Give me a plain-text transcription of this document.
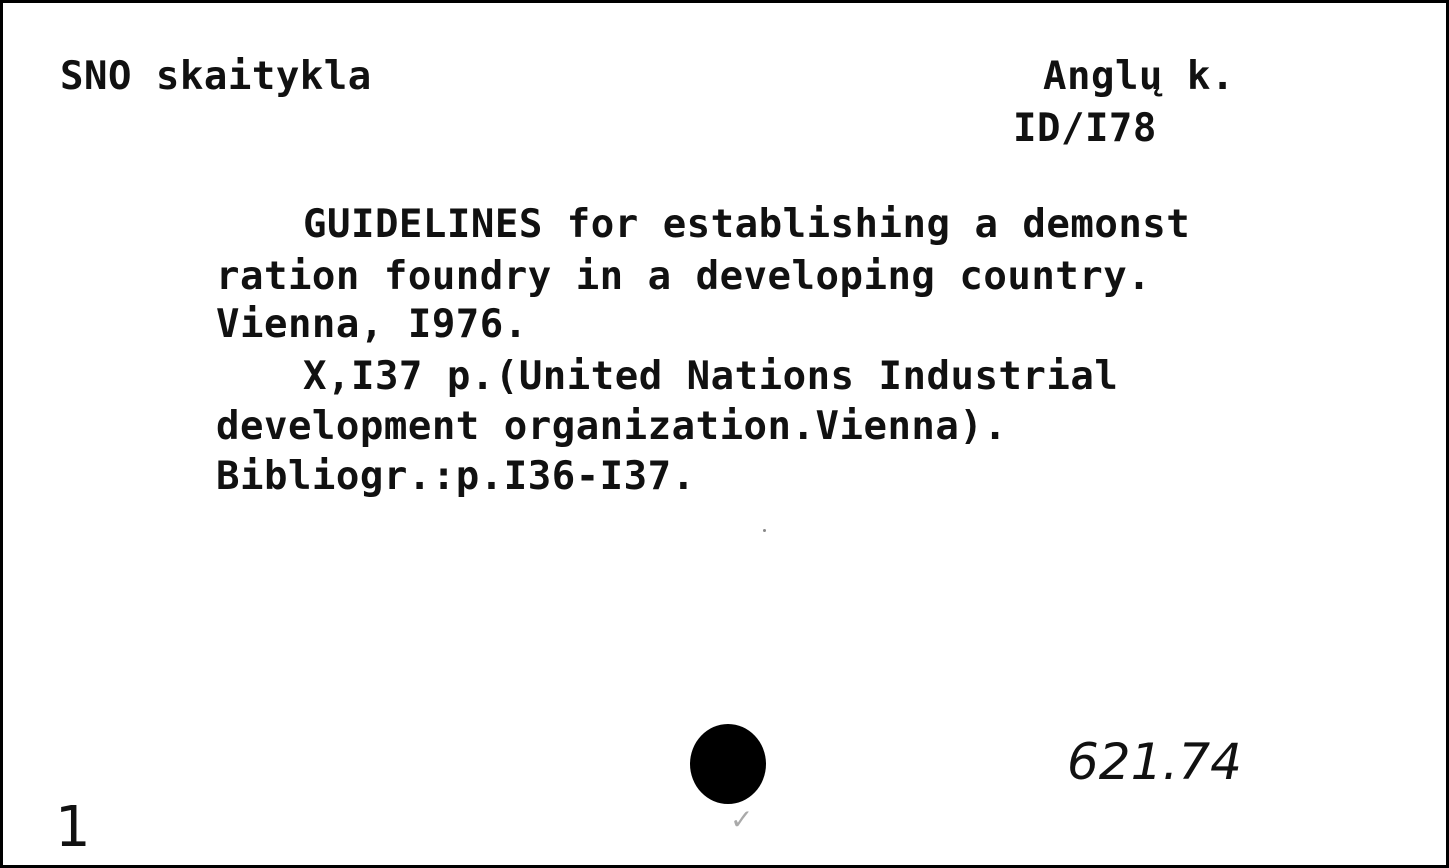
SNO skaitykla	Anglų k.
ID/I78
GUIDELINES for establishing a demonst
ration foundry in a developing country.
Vienna, I976.
X,I37 p.(United Nations Industrial
development organization.Vienna).
Bibliogr.:p.I36-I37.
✓
621.74
1
